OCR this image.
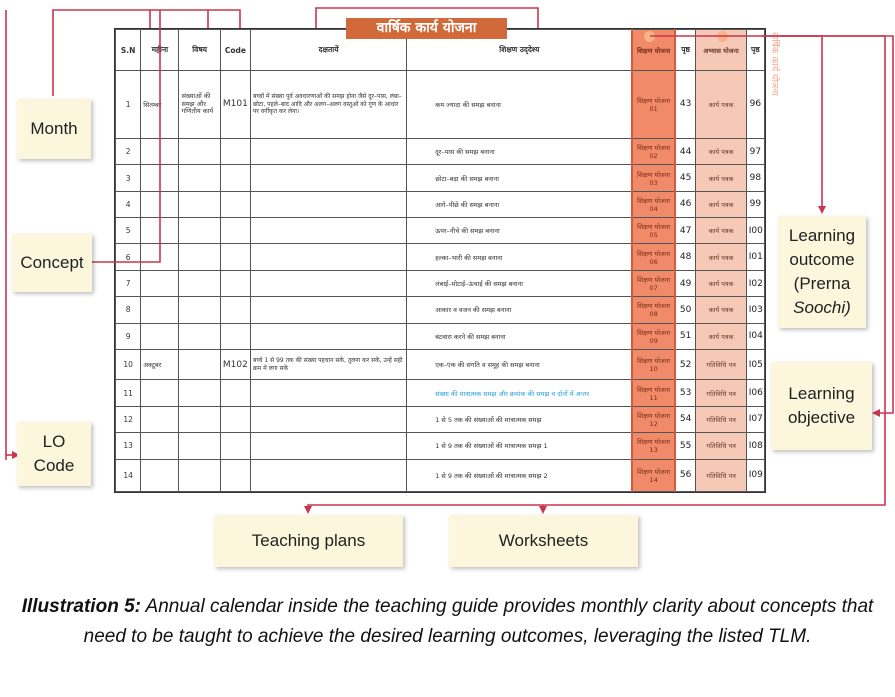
S.N	महीना	विषय	Code	दक्षतायें	शिक्षण उद्‌देश्य	शिक्षण योजना	पृष्ठ	अभ्यास योजना	पृष्ठ
1	सितम्बर	संख्याओं की समझ और गणितीय कार्य	M101	बच्चों में संख्या पूर्व अवधारणाओं की समझ होना जैसे दूर–पास, लंबा–छोटा, पहले–बाद आदि और अलग–अलग वस्तुओं को गुण के आधार पर वर्गीकृत कर लेना।	कम ज्यादा की समझ बनाना	शिक्षण योजना 01	43	कार्य पत्रक	96
2					दूर–पास की समझ बनाना	शिक्षण योजना 02	44	कार्य पत्रक	97
3					छोटा–बड़ा की समझ बनाना	शिक्षण योजना 03	45	कार्य पत्रक	98
4					आगे–पीछे की समझ बनाना	शिक्षण योजना 04	46	कार्य पत्रक	99
5					ऊपर–नीचे की समझ बनाना	शिक्षण योजना 05	47	कार्य पत्रक	I00
6					हल्का–भारी की समझ बनाना	शिक्षण योजना 06	48	कार्य पत्रक	I01
7					लंबाई–मोटाई–ऊंचाई की समझ बनाना	शिक्षण योजना 07	49	कार्य पत्रक	I02
8					आकार व वजन की समझ बनाना	शिक्षण योजना 08	50	कार्य पत्रक	I03
9					बंटवारा करने की समझ बनाना	शिक्षण योजना 09	51	कार्य पत्रक	I04
10	अक्टूबर		M102	बच्चे 1 से 99 तक की संख्या पहचान सकें, तुलना कर सकें, उन्हें सही क्रम में लगा सकें	एक–एक की संगति व समूह की समझ बनाना	शिक्षण योजना 10	52	गतिविधि पत्र	I05
11					संख्या की मात्रात्मक समझ और क्रमांक की समझ व दोनों में अन्तर	शिक्षण योजना 11	53	गतिविधि पत्र	I06
12					1 से 5 तक की संख्याओं की मात्रात्मक समझ	शिक्षण योजना 12	54	गतिविधि पत्र	I07
13					1 से 9 तक की संख्याओं की मात्रात्मक समझ 1	शिक्षण योजना 13	55	गतिविधि पत्र	I08
14					1 से 9 तक की संख्याओं की मात्रात्मक समझ 2	शिक्षण योजना 14	56	गतिविधि पत्र	I09
वार्षिक कार्य योजना
वार्षिक कार्य योजना
Month
Concept
LO
Code
Learning
outcome
(Prerna
Soochi)
Learning
objective
Teaching plans	Worksheets
Illustration 5: Annual calendar inside the teaching guide provides monthly clarity about concepts that need to be taught to achieve the desired learning outcomes, leveraging the listed TLM.
